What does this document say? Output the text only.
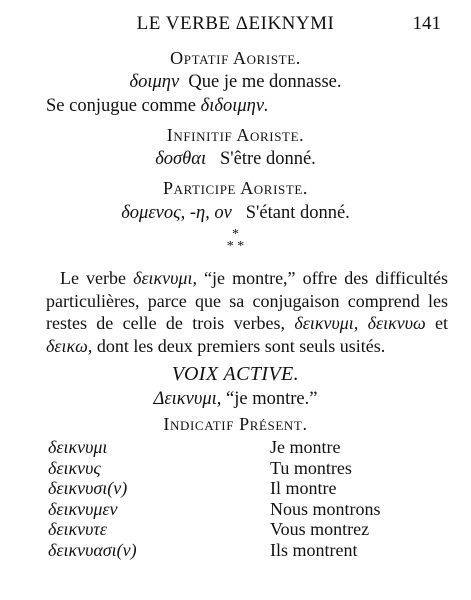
LE VERBE ΔΕΙΚΝΥΜΙ	141
Optatif Aoriste.
δοιμην Que je me donnasse.
Se conjugue comme διδοιμην.
Infinitif Aoriste.
δοσθαι S'être donné.
Participe Aoriste.
δομενος, -η, ον S'étant donné.
*
* *
Le verbe δεικνυμι, “je montre,” offre des difficultés particulières, parce que sa conjugaison comprend les restes de celle de trois verbes, δεικνυμι, δεικνυω et δεικω, dont les deux premiers sont seuls usités.
VOIX ACTIVE.
Δεικνυμι, “je montre.”
Indicatif Présent.
δεικνυμι	Je montre
δεικνυς	Tu montres
δεικνυσι(ν)	Il montre
δεικνυμεν	Nous montrons
δεικνυτε	Vous montrez
δεικνυασι(ν)	Ils montrent
